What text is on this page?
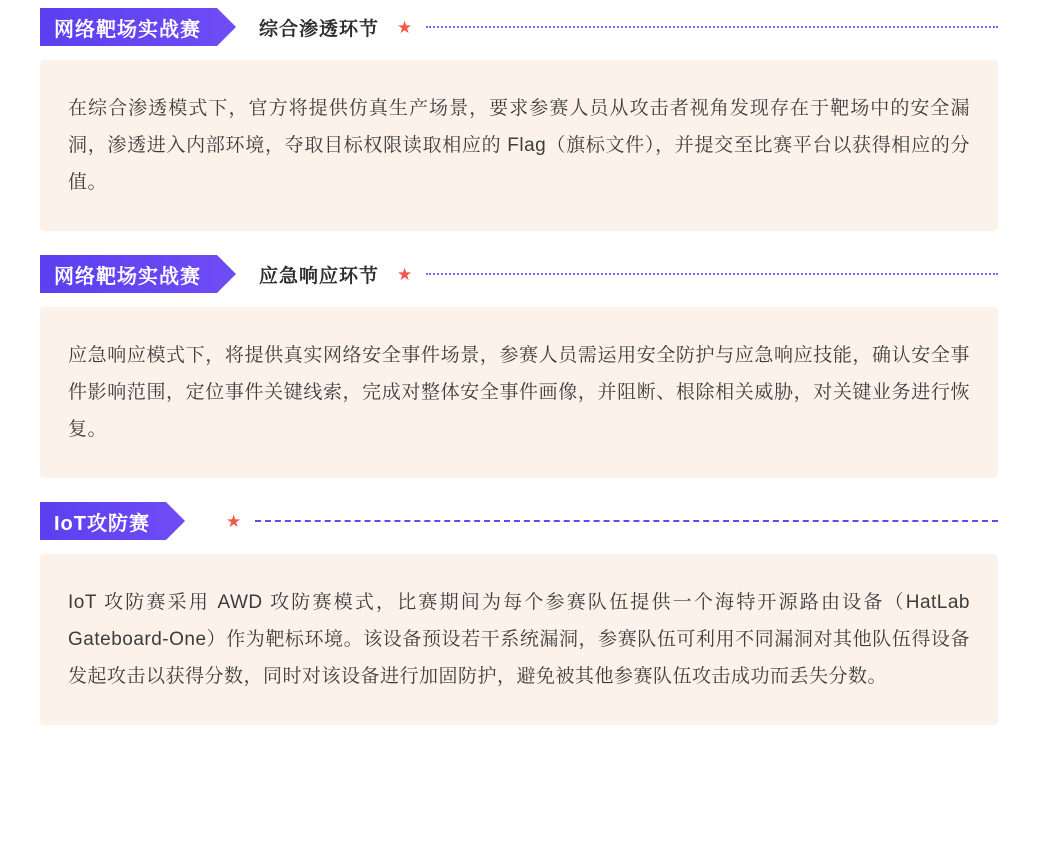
网络靶场实战赛	综合渗透环节 ★

在综合渗透模式下，官方将提供仿真生产场景，要求参赛人员从攻击者视角发现存在于靶场中的安全漏洞，渗透进入内部环境，夺取目标权限读取相应的 Flag（旗标文件），并提交至比赛平台以获得相应的分值。

网络靶场实战赛	应急响应环节 ★

应急响应模式下，将提供真实网络安全事件场景，参赛人员需运用安全防护与应急响应技能，确认安全事件影响范围，定位事件关键线索，完成对整体安全事件画像，并阻断、根除相关威胁，对关键业务进行恢复。

IoT攻防赛	★

IoT 攻防赛采用 AWD 攻防赛模式，比赛期间为每个参赛队伍提供一个海特开源路由设备（HatLab Gateboard-One）作为靶标环境。该设备预设若干系统漏洞，参赛队伍可利用不同漏洞对其他队伍得设备发起攻击以获得分数，同时对该设备进行加固防护，避免被其他参赛队伍攻击成功而丢失分数。
